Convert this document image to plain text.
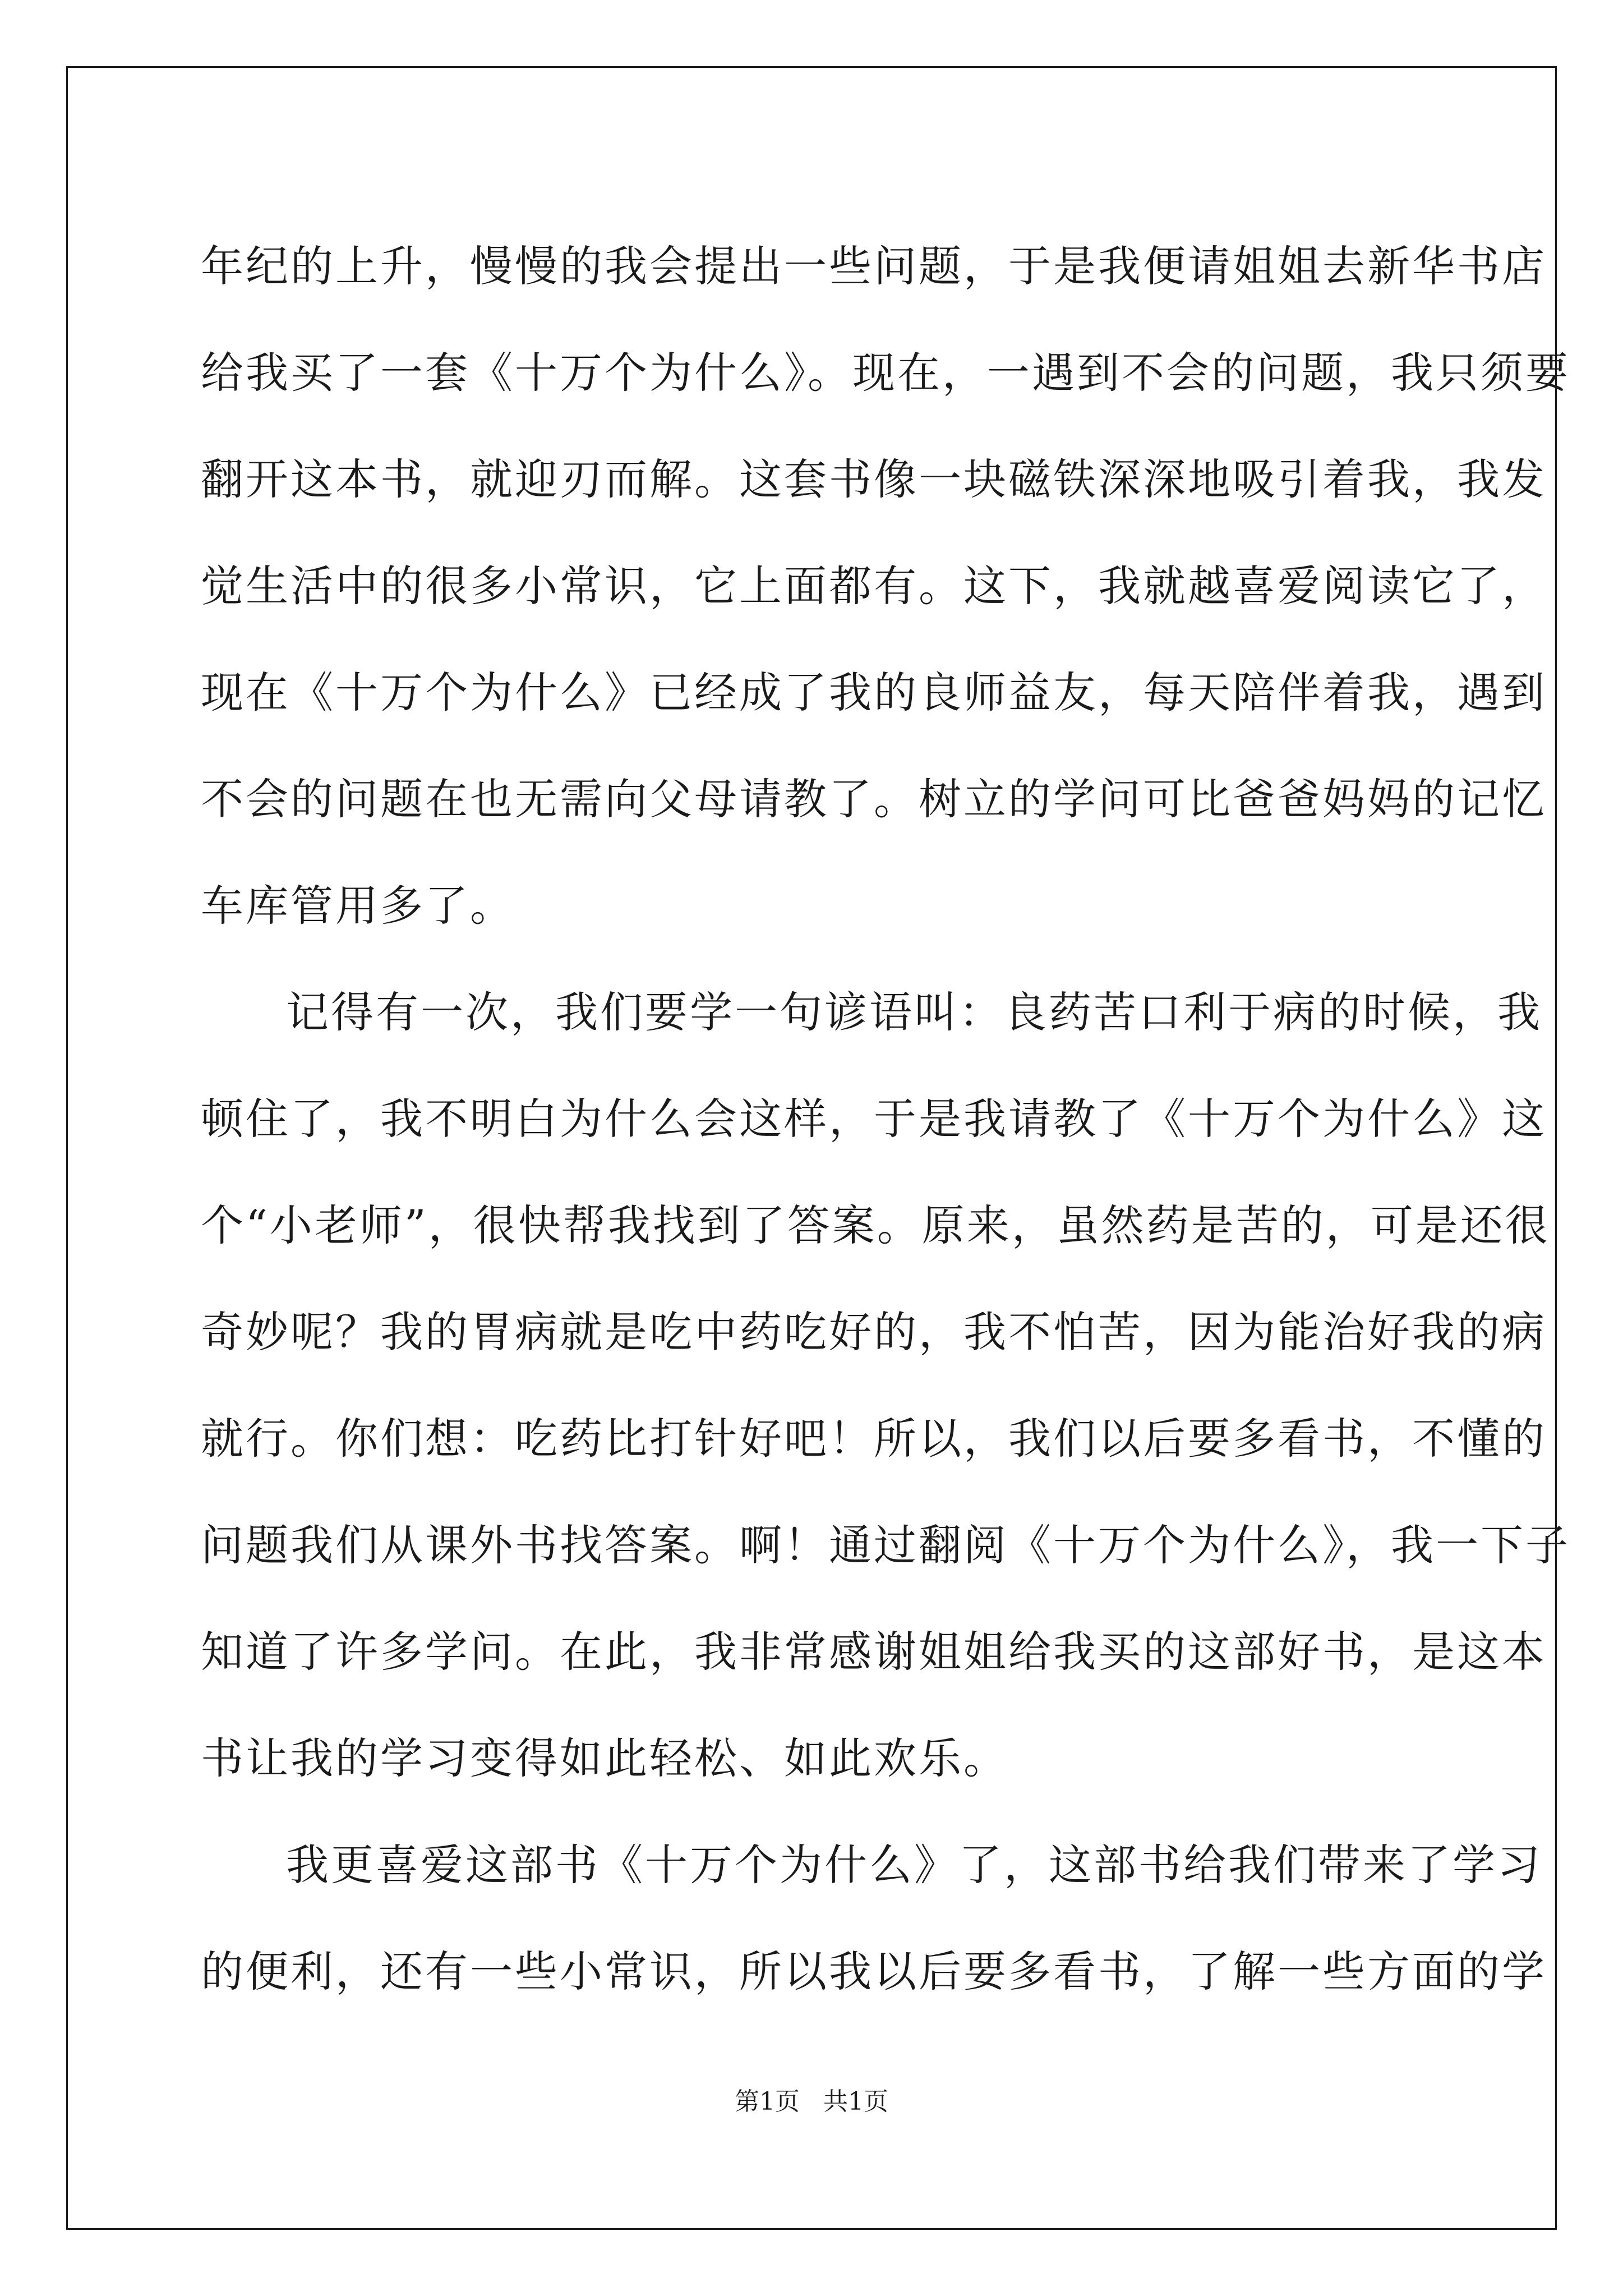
年纪的上升，慢慢的我会提出一些问题，于是我便请姐姐去新华书店
给我买了一套《十万个为什么》。现在，一遇到不会的问题，我只须要
翻开这本书，就迎刃而解。这套书像一块磁铁深深地吸引着我，我发
觉生活中的很多小常识，它上面都有。这下，我就越喜爱阅读它了，
现在《十万个为什么》已经成了我的良师益友，每天陪伴着我，遇到
不会的问题在也无需向父母请教了。树立的学问可比爸爸妈妈的记忆
车库管用多了。
记得有一次，我们要学一句谚语叫：良药苦口利于病的时候，我
顿住了，我不明白为什么会这样，于是我请教了《十万个为什么》这
个“小老师”，很快帮我找到了答案。原来，虽然药是苦的，可是还很
奇妙呢？我的胃病就是吃中药吃好的，我不怕苦，因为能治好我的病
就行。你们想：吃药比打针好吧！所以，我们以后要多看书，不懂的
问题我们从课外书找答案。啊！通过翻阅《十万个为什么》，我一下子
知道了许多学问。在此，我非常感谢姐姐给我买的这部好书，是这本
书让我的学习变得如此轻松、如此欢乐。
我更喜爱这部书《十万个为什么》了，这部书给我们带来了学习
的便利，还有一些小常识，所以我以后要多看书，了解一些方面的学
第1页 共1页
